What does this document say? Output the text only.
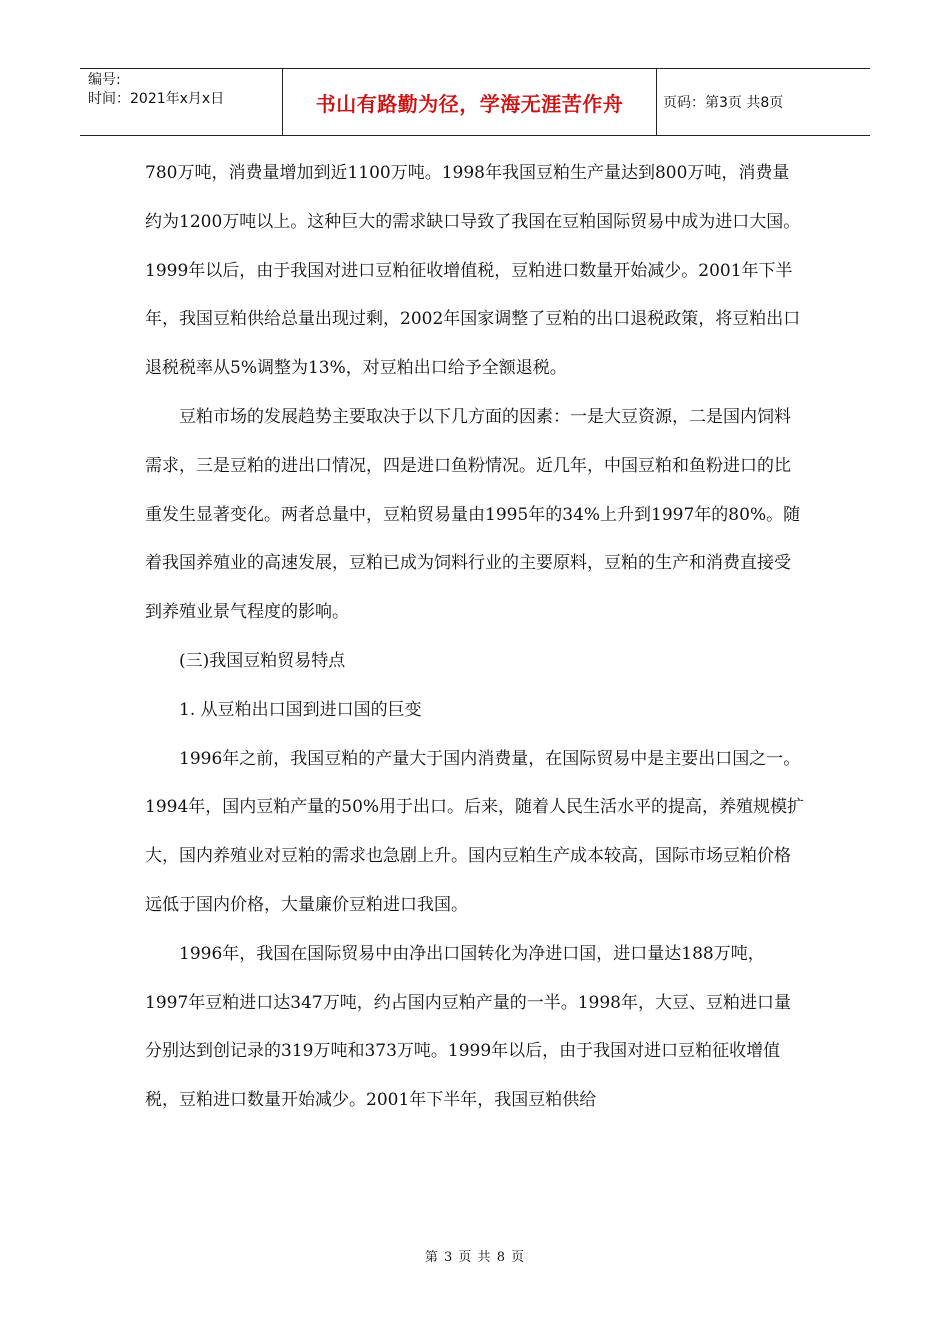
编号:
时间：2021年x月x日	书山有路勤为径，学海无涯苦作舟	页码：第3页 共8页

780万吨，消费量增加到近1100万吨。1998年我国豆粕生产量达到800万吨，消费量约为1200万吨以上。这种巨大的需求缺口导致了我国在豆粕国际贸易中成为进口大国。1999年以后，由于我国对进口豆粕征收增值税，豆粕进口数量开始减少。2001年下半年，我国豆粕供给总量出现过剩，2002年国家调整了豆粕的出口退税政策，将豆粕出口退税税率从5%调整为13%，对豆粕出口给予全额退税。

豆粕市场的发展趋势主要取决于以下几方面的因素：一是大豆资源，二是国内饲料需求，三是豆粕的进出口情况，四是进口鱼粉情况。近几年，中国豆粕和鱼粉进口的比重发生显著变化。两者总量中，豆粕贸易量由1995年的34%上升到1997年的80%。随着我国养殖业的高速发展，豆粕已成为饲料行业的主要原料，豆粕的生产和消费直接受到养殖业景气程度的影响。

(三)我国豆粕贸易特点

1. 从豆粕出口国到进口国的巨变

1996年之前，我国豆粕的产量大于国内消费量，在国际贸易中是主要出口国之一。1994年，国内豆粕产量的50%用于出口。后来，随着人民生活水平的提高，养殖规模扩大，国内养殖业对豆粕的需求也急剧上升。国内豆粕生产成本较高，国际市场豆粕价格远低于国内价格，大量廉价豆粕进口我国。

1996年，我国在国际贸易中由净出口国转化为净进口国，进口量达188万吨，1997年豆粕进口达347万吨，约占国内豆粕产量的一半。1998年，大豆、豆粕进口量分别达到创记录的319万吨和373万吨。1999年以后，由于我国对进口豆粕征收增值税，豆粕进口数量开始减少。2001年下半年，我国豆粕供给

第 3 页 共 8 页
